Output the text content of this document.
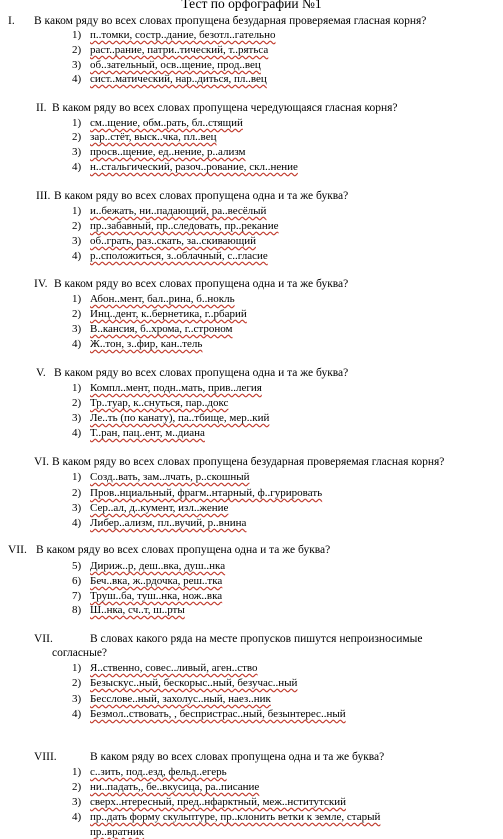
Тест по орфографии №1
I. В каком ряду во всех словах пропущена безударная проверяемая гласная корня?
1) п..томки, состр..дание, безотл..гательно
2) раст..рание, патри..тический, т..рятьса
3) об..зательный, осв..щение, прод..вец
4) сист..матический, нар..диться, пл..вец
II. В каком ряду во всех словах пропущена чередующаяся гласная корня?
1) см..щение, обм..рать, бл..стящий
2) зар..стёт, выск..чка, пл..вец
3) просв..щение, ед..нение, р..ализм
4) н..стальгический, разоч..рование, скл..нение
III. В каком ряду во всех словах пропущена одна и та же буква?
1) и..бежать, ни..падающий, ра..весёлый
2) пр..забавный, пр..следовать, пр..рекание
3) об..грать, раз..скать, за..скивающий
4) р..сположиться, з..облачный, с..гласие
IV. В каком ряду во всех словах пропущена одна и та же буква?
1) Абон..мент, бал..рина, б..нокль
2) Инц..дент, к..бернетика, г..рбарий
3) В..кансия, б..хрома, г..строном
4) Ж..тон, з..фир, кан..тель
V. В каком ряду во всех словах пропущена одна и та же буква?
1) Компл..мент, подн..мать, прив..легия
2) Тр..туар, к..снуться, пар..докс
3) Ле..ть (по канату), па..тбище, мер..кий
4) Т..ран, пац..ент, м..диана
VI. В каком ряду во всех словах пропущена безударная проверяемая гласная корня?
1) Созд..вать, зам..лчать, р..скошный
2) Пров..нциальный, фрагм..нтарный, ф..гурировать
3) Сер..ал, д..кумент, изл..жение
4) Либер..ализм, пл..вучий, р..внина
VII. В каком ряду во всех словах пропущена одна и та же буква?
5) Дириж..р, деш..вка, душ..нка
6) Беч..вка, ж..рдочка, реш..тка
7) Труш..ба, туш..нка, нож..вка
8) Ш..нка, сч..т, ш..рты
VII.	В словах какого ряда на месте пропусков пишутся непроизносимые
согласные?
1) Я..ственно, совес..ливый, аген..ство
2) Безыскус..ный, бескорыс..ный, безучас..ный
3) Бесслове..ный, захолус..ный, наез..ник
4) Безмол..ствовать, , беспристрас..ный, безынтерес..ный
VIII.	В каком ряду во всех словах пропущена одна и та же буква?
1) с..зить, под..езд, фельд..егерь
2) ни..падать,, бе..вкусица, ра..писание
3) сверх..нтересный, пред..нфарктный, меж..нститутский
4) пр..дать форму скульптуре, пр..клонить ветки к земле, старый
пр..вратник
